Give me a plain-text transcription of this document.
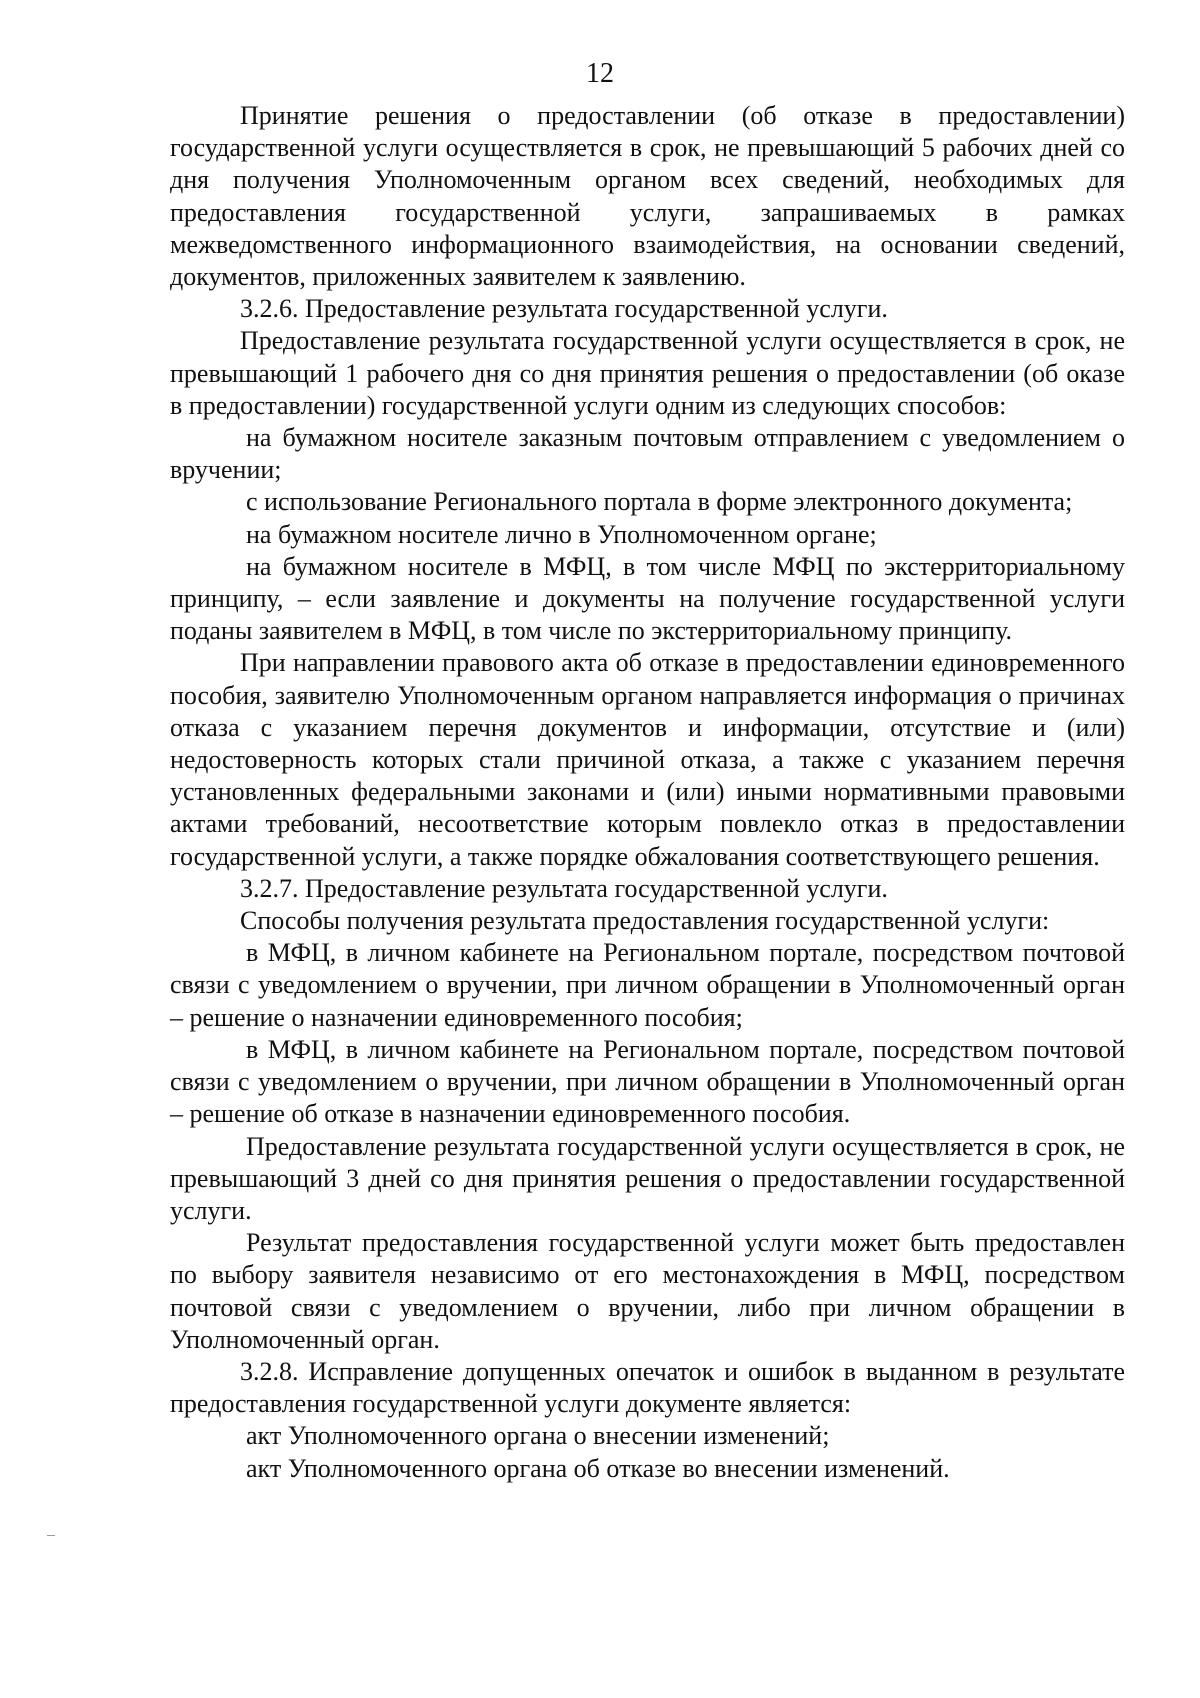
12

Принятие решения о предоставлении (об отказе в предоставлении) государственной услуги осуществляется в срок, не превышающий 5 рабочих дней со дня получения Уполномоченным органом всех сведений, необходимых для предоставления государственной услуги, запрашиваемых в рамках межведомственного информационного взаимодействия, на основании сведений, документов, приложенных заявителем к заявлению.

3.2.6. Предоставление результата государственной услуги.

Предоставление результата государственной услуги осуществляется в срок, не превышающий 1 рабочего дня со дня принятия решения о предоставлении (об оказе в предоставлении) государственной услуги одним из следующих способов:

на бумажном носителе заказным почтовым отправлением с уведомлением о вручении;

с использование Регионального портала в форме электронного документа;

на бумажном носителе лично в Уполномоченном органе;

на бумажном носителе в МФЦ, в том числе МФЦ по экстерриториальному принципу, – если заявление и документы на получение государственной услуги поданы заявителем в МФЦ, в том числе по экстерриториальному принципу.

При направлении правового акта об отказе в предоставлении единовременного пособия, заявителю Уполномоченным органом направляется информация о причинах отказа с указанием перечня документов и информации, отсутствие и (или) недостоверность которых стали причиной отказа, а также с указанием перечня установленных федеральными законами и (или) иными нормативными правовыми актами требований, несоответствие которым повлекло отказ в предоставлении государственной услуги, а также порядке обжалования соответствующего решения.

3.2.7. Предоставление результата государственной услуги.

Способы получения результата предоставления государственной услуги:

в МФЦ, в личном кабинете на Региональном портале, посредством почтовой связи с уведомлением о вручении, при личном обращении в Уполномоченный орган – решение о назначении единовременного пособия;

в МФЦ, в личном кабинете на Региональном портале, посредством почтовой связи с уведомлением о вручении, при личном обращении в Уполномоченный орган – решение об отказе в назначении единовременного пособия.

Предоставление результата государственной услуги осуществляется в срок, не превышающий 3 дней со дня принятия решения о предоставлении государственной услуги.

Результат предоставления государственной услуги может быть предоставлен по выбору заявителя независимо от его местонахождения в МФЦ, посредством почтовой связи с уведомлением о вручении, либо при личном обращении в Уполномоченный орган.

3.2.8. Исправление допущенных опечаток и ошибок в выданном в результате предоставления государственной услуги документе является:

акт Уполномоченного органа о внесении изменений;

акт Уполномоченного органа об отказе во внесении изменений.
